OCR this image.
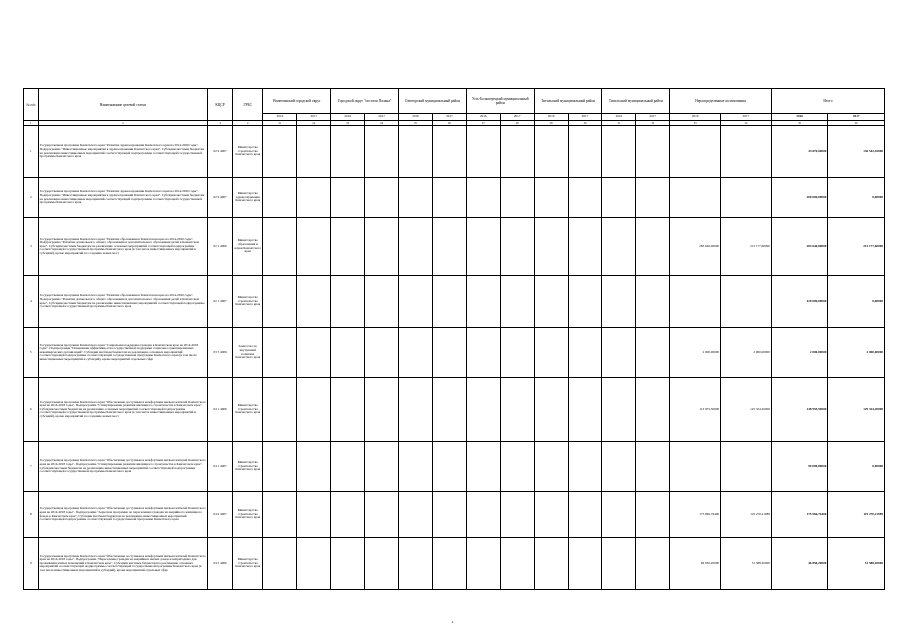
№ п/п	Наименование целевой статьи	КЦСР	ГРБС	Вилючинский городской округ		Городской округ "поселок Палана"		Олюторский муниципальный район		Усть-Большерецкий муниципальный район		Тигильский муниципальный район		Тигильский муниципальный район		Нераспределенные ассигнования		Итого	
				2016	2017	2016	2017	2016	2017	2016	2017	2016	2017	2016	2017	2016	2017	2016	2017
1	2	3	4	21	22	23	24	25	26	27	28	29	30	31	32	33	34	35	36
1	Государственная программа Камчатского края "Развитие здравоохранения Камчатского края на 2014-2020 годы". Подпрограмма "Инвестиционные мероприятия в здравоохранении Камчатского края". Субсидии местным бюджетам на реализацию инвестиционных мероприятий соответствующей подпрограммы соответствующей государственной программы Камчатского края	02 9 4007	Министерство строительства Камчатского края															43 870,00000	136 542,45000
2	Государственная программа Камчатского края "Развитие здравоохранения Камчатского края на 2014-2020 годы". Подпрограмма "Инвестиционные мероприятия в здравоохранении Камчатского края". Субсидии местным бюджетам на реализацию инвестиционных мероприятий соответствующей подпрограммы соответствующей государственной программы Камчатского края	02 9 4007	Министерство здравоохранения Камчатского края															200 000,00000	0,00000
3	Государственная программа Камчатского края "Развитие образования в Камчатском крае на 2014-2020 годы". Подпрограмма "Развитие дошкольного, общего образования и дополнительного образования детей в Камчатском крае". Субсидии местным бюджетам на реализацию основных мероприятий соответствующей подпрограммы соответствующей государственной программы Камчатского края (в том числе инвестиционных мероприятий и субсидий), кроме мероприятий по созданию новых мест	02 1 4006	Министерство образования и науки Камчатского края													283 640,00000	213 177,60000	283 640,00000	213 177,60000
4	Государственная программа Камчатского края "Развитие образования в Камчатском крае на 2014-2020 годы". Подпрограмма "Развитие дошкольного, общего образования и дополнительного образования детей в Камчатском крае". Субсидии местным бюджетам на реализацию инвестиционных мероприятий соответствующей подпрограммы соответствующей государственной программы Камчатского края	02 1 4007	Министерство строительства Камчатского края															420 000,00000	0,00000
5	Государственная программа Камчатского края "Социальная поддержка граждан в Камчатском крае на 2014-2018 годы". Подпрограмма "Повышение эффективности государственной поддержки социально ориентированных некоммерческих организаций". Субсидии местным бюджетам на реализацию основных мероприятий соответствующей подпрограммы соответствующей государственной программы Камчатского края (в том числе инвестиционных мероприятий и субсидий), кроме мероприятий отдельных сфер	03 5 4006	Агентство по внутренней политике Камчатского края													2 000,00000	2 000,00000	2 000,00000	2 000,00000
6	Государственная программа Камчатского края "Обеспечение доступным и комфортным жильем жителей Камчатского края на 2014-2018 годы". Подпрограмма "Стимулирование развития жилищного строительства в Камчатском крае". Субсидии местным бюджетам на реализацию основных мероприятий соответствующей подпрограммы соответствующей государственной программы Камчатского края (в том числе инвестиционных мероприятий и субсидий), кроме мероприятий по созданию новых мест	04 1 4006	Министерство строительства Камчатского края													113 955,50000	125 324,20000	148 955,50000	129 324,20000
7	Государственная программа Камчатского края "Обеспечение доступным и комфортным жильем жителей Камчатского края на 2014-2018 годы". Подпрограмма "Стимулирование развития жилищного строительства в Камчатском крае". Субсидии местным бюджетам на реализацию инвестиционных мероприятий соответствующей подпрограммы соответствующей государственной программы Камчатского края	04 1 4007	Министерство строительства Камчатского края															90 000,00000	0,00000
8	Государственная программа Камчатского края "Обеспечение доступным и комфортным жильем жителей Камчатского края на 2014-2018 годы". Подпрограмма "Адресная программа по переселению граждан из аварийного жилищного фонда в Камчатском крае". Субсидии местным бюджетам на реализацию инвестиционных мероприятий соответствующей подпрограммы соответствующей государственной программы Камчатского края	04 9 4007	Министерство строительства Камчатского края													175 966,76400	119 270,21989	175 966,76400	119 270,21989
9	Государственная программа Камчатского края "Обеспечение доступным и комфортным жильем жителей Камчатского края на 2014-2018 годы". Подпрограмма "Переселение граждан из аварийных жилых домов и непригодных для проживания жилых помещений в Камчатском крае". Субсидии местным бюджетам на реализацию основных мероприятий соответствующей подпрограммы соответствующей государственной программы Камчатского края (в том числе инвестиционных мероприятий и субсидий), кроме мероприятий отдельных сфер	04 5 4006	Министерство строительства Камчатского края													69 950,20000	51 588,20000	46 850,20000	51 588,20000
4
